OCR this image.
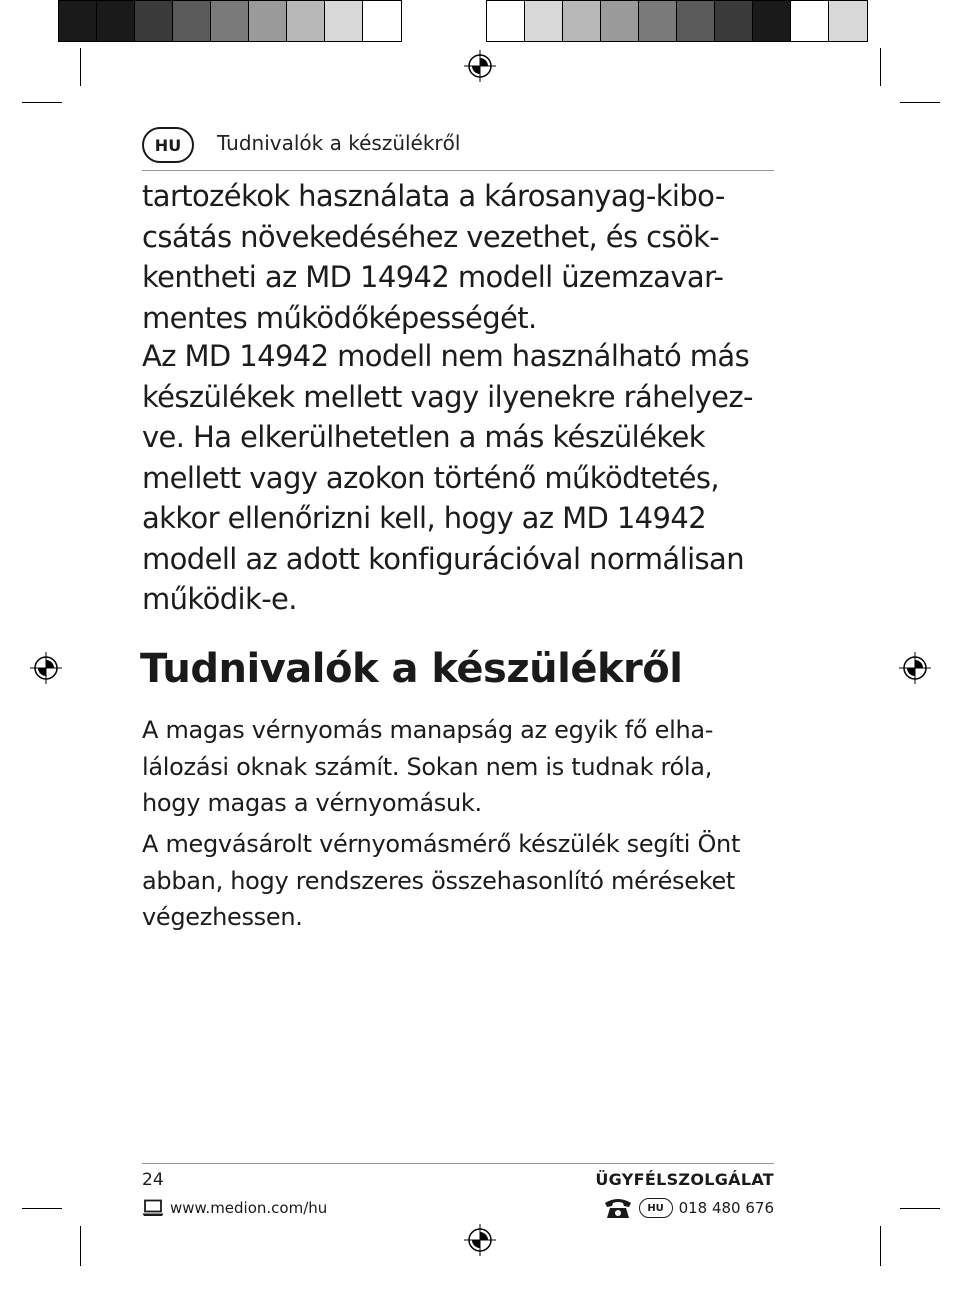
HU	Tudnivalók a készülékről
tartozékok használata a károsanyag-kibo-
csátás növekedéséhez vezethet, és csök-
kentheti az MD 14942 modell üzemzavar-
mentes működőképességét.
Az MD 14942 modell nem használható más
készülékek mellett vagy ilyenekre ráhelyez-
ve. Ha elkerülhetetlen a más készülékek
mellett vagy azokon történő működtetés,
akkor ellenőrizni kell, hogy az MD 14942
modell az adott konfigurációval normálisan
működik-e.
Tudnivalók a készülékről
A magas vérnyomás manapság az egyik fő elha-
lálozási oknak számít. Sokan nem is tudnak róla,
hogy magas a vérnyomásuk.
A megvásárolt vérnyomásmérő készülék segíti Önt
abban, hogy rendszeres összehasonlító méréseket
végezhessen.
24	ÜGYFÉLSZOLGÁLAT
www.medion.com/hu	HU 018 480 676
